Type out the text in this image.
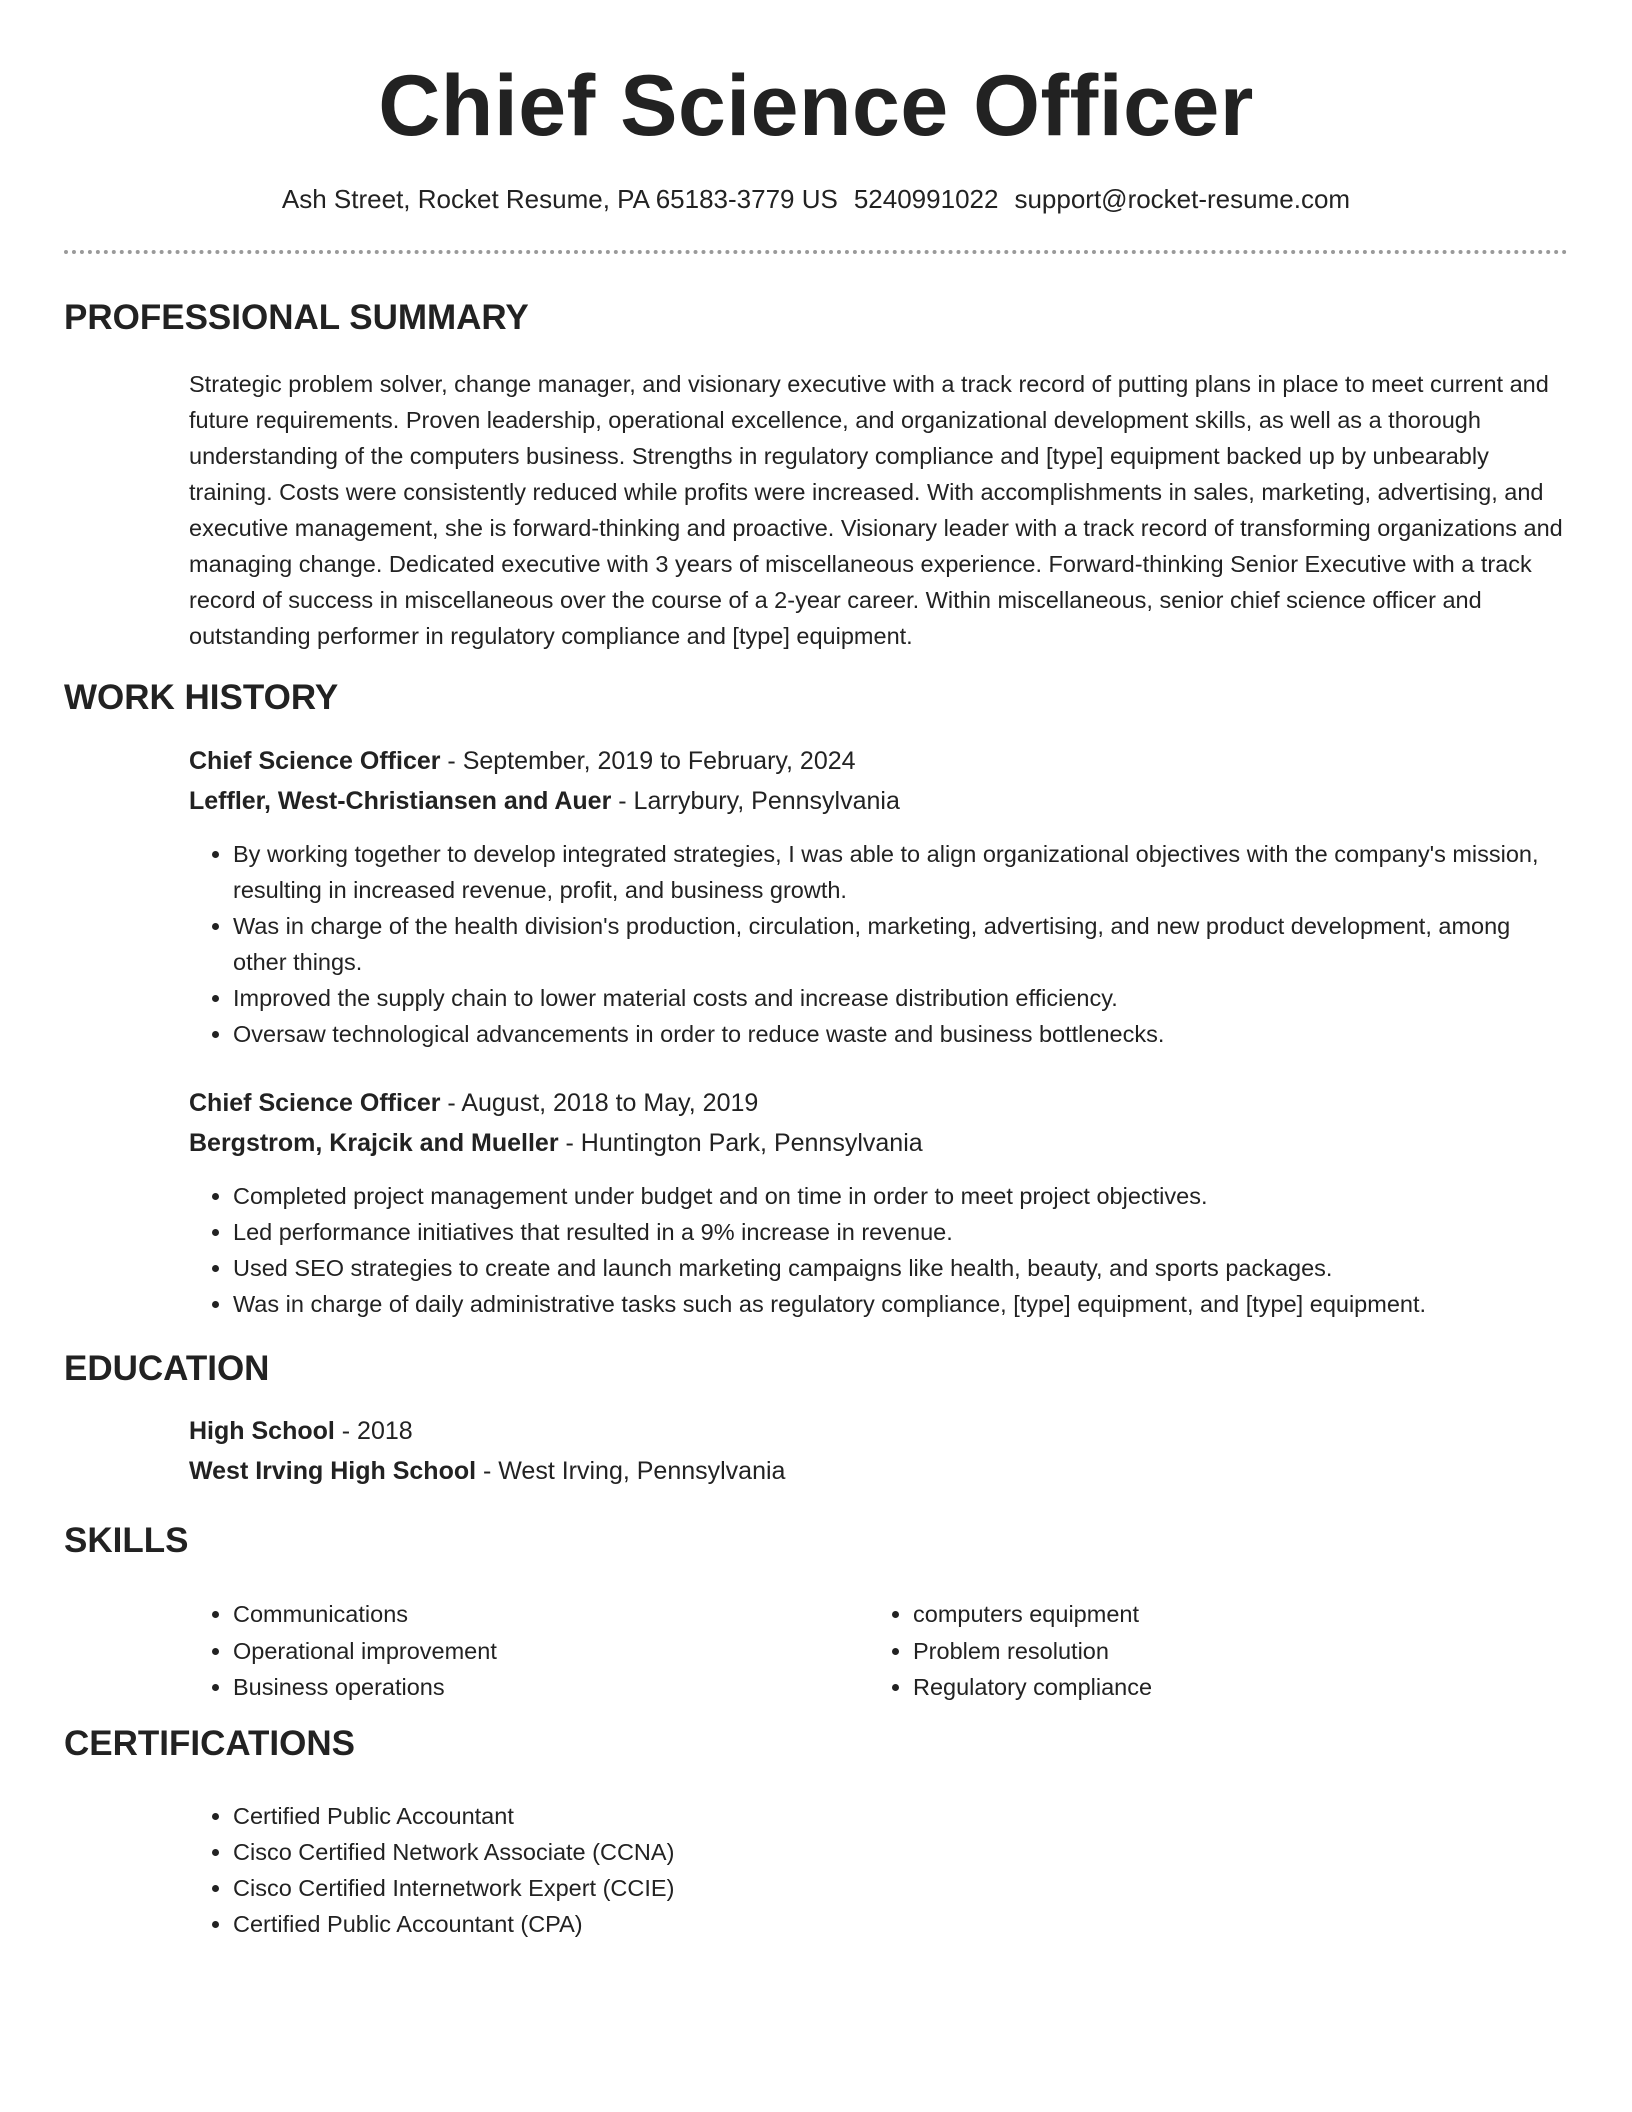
Chief Science Officer
Ash Street, Rocket Resume, PA 65183-3779 US 5240991022 support@rocket-resume.com
PROFESSIONAL SUMMARY

Strategic problem solver, change manager, and visionary executive with a track record of putting plans in place to meet current and future requirements. Proven leadership, operational excellence, and organizational development skills, as well as a thorough understanding of the computers business. Strengths in regulatory compliance and [type] equipment backed up by unbearably training. Costs were consistently reduced while profits were increased. With accomplishments in sales, marketing, advertising, and executive management, she is forward-thinking and proactive. Visionary leader with a track record of transforming organizations and managing change. Dedicated executive with 3 years of miscellaneous experience. Forward-thinking Senior Executive with a track record of success in miscellaneous over the course of a 2-year career. Within miscellaneous, senior chief science officer and outstanding performer in regulatory compliance and [type] equipment.

WORK HISTORY
Chief Science Officer - September, 2019 to February, 2024
Leffler, West-Christiansen and Auer - Larrybury, Pennsylvania
• By working together to develop integrated strategies, I was able to align organizational objectives with the company's mission, resulting in increased revenue, profit, and business growth.
• Was in charge of the health division's production, circulation, marketing, advertising, and new product development, among other things.
• Improved the supply chain to lower material costs and increase distribution efficiency.
• Oversaw technological advancements in order to reduce waste and business bottlenecks.
Chief Science Officer - August, 2018 to May, 2019
Bergstrom, Krajcik and Mueller - Huntington Park, Pennsylvania
• Completed project management under budget and on time in order to meet project objectives.
• Led performance initiatives that resulted in a 9% increase in revenue.
• Used SEO strategies to create and launch marketing campaigns like health, beauty, and sports packages.
• Was in charge of daily administrative tasks such as regulatory compliance, [type] equipment, and [type] equipment.
EDUCATION
High School - 2018
West Irving High School - West Irving, Pennsylvania
SKILLS
• Communications
• Operational improvement
• Business operations
• computers equipment
• Problem resolution
• Regulatory compliance
CERTIFICATIONS
• Certified Public Accountant
• Cisco Certified Network Associate (CCNA)
• Cisco Certified Internetwork Expert (CCIE)
• Certified Public Accountant (CPA)
